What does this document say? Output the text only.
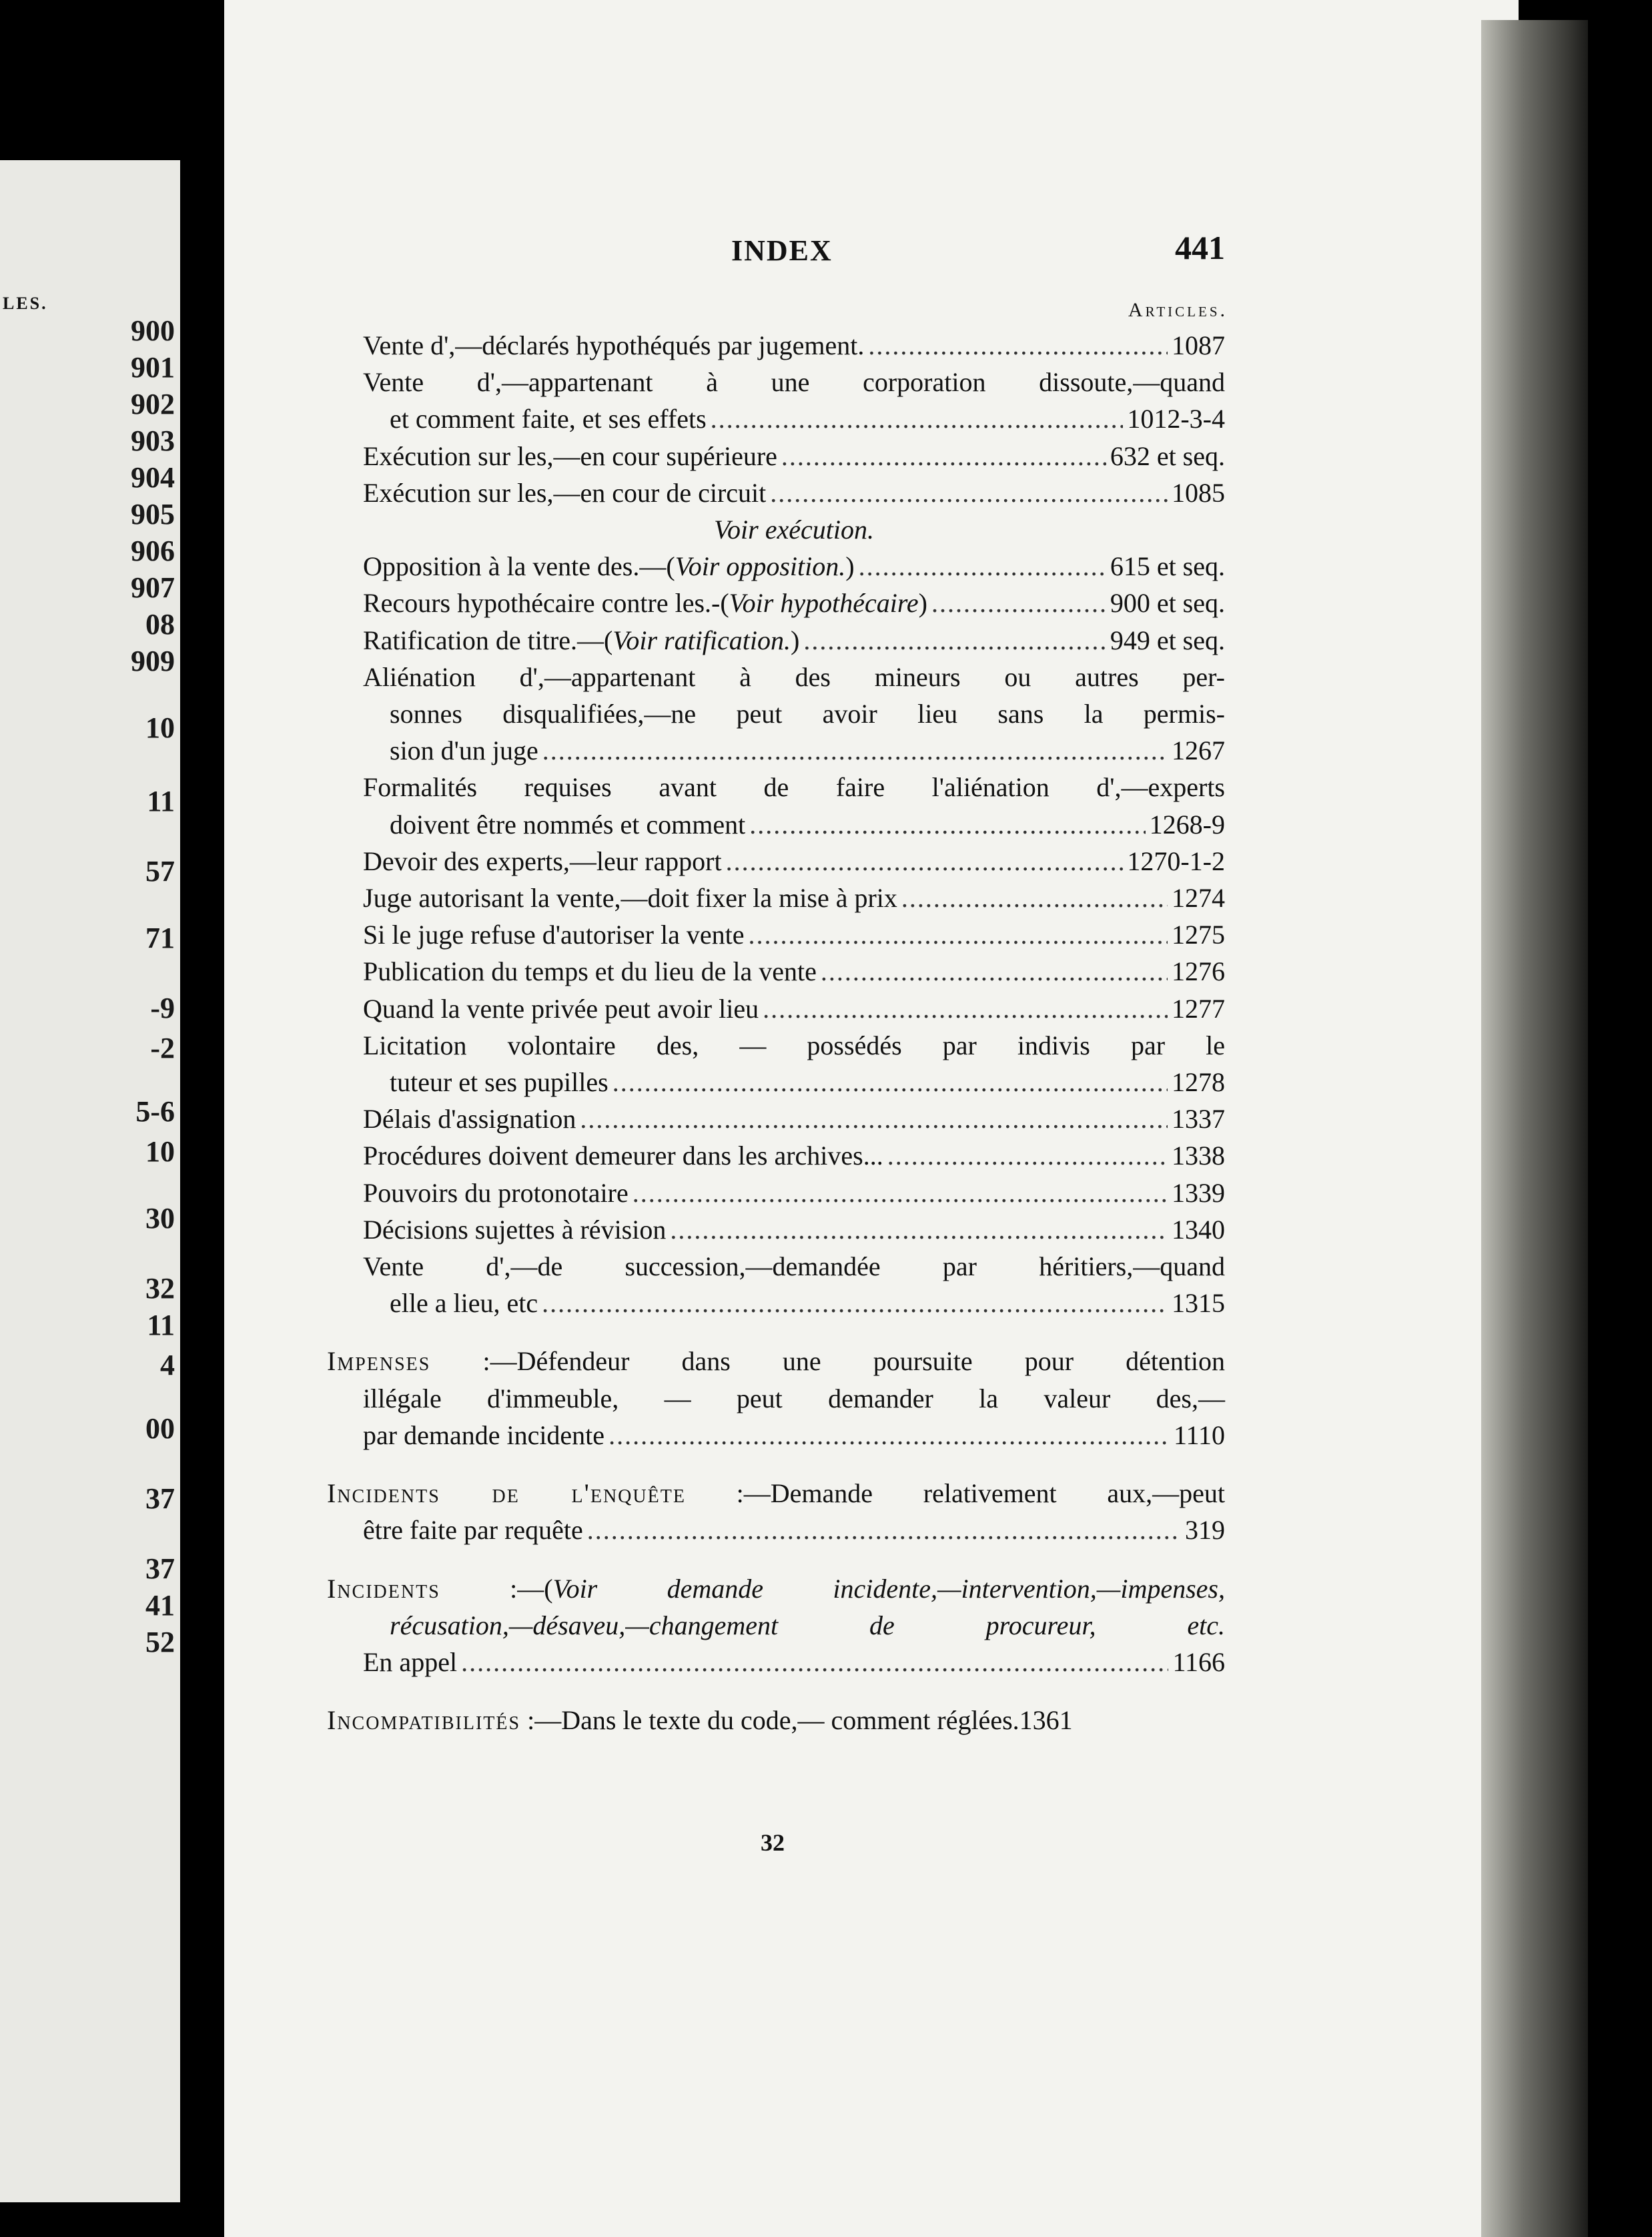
LES.
900
901
902
903
904
905
906
907
08
909
10
11
57
71
-9
-2
5-6
10
30
32
11
4
00
37
37
41
52
INDEX	441
Articles.
Vente d',—déclarés hypothéqués par jugement. .....	1087
Vente d',—appartenant à une corporation dissoute,—quand
et comment faite, et ses effets .....	1012-3-4
Exécution sur les,—en cour supérieure .....	632 et seq.
Exécution sur les,—en cour de circuit .....	1085
Voir exécution.
Opposition à la vente des.—(Voir opposition.) .....	615 et seq.
Recours hypothécaire contre les.-(Voir hypothécaire) .....	900 et seq.
Ratification de titre.—(Voir ratification.) .....	949 et seq.
Aliénation d',—appartenant à des mineurs ou autres per-
sonnes disqualifiées,—ne peut avoir lieu sans la permis-
sion d'un juge .....	1267
Formalités requises avant de faire l'aliénation d',—experts
doivent être nommés et comment .....	1268-9
Devoir des experts,—leur rapport .....	1270-1-2
Juge autorisant la vente,—doit fixer la mise à prix .....	1274
Si le juge refuse d'autoriser la vente .....	1275
Publication du temps et du lieu de la vente .....	1276
Quand la vente privée peut avoir lieu .....	1277
Licitation volontaire des, — possédés par indivis par le
tuteur et ses pupilles .....	1278
Délais d'assignation .....	1337
Procédures doivent demeurer dans les archives... .....	1338
Pouvoirs du protonotaire .....	1339
Décisions sujettes à révision .....	1340
Vente d',—de succession,—demandée par héritiers,—quand
elle a lieu, etc .....	1315
Impenses :—Défendeur dans une poursuite pour détention
illégale d'immeuble, — peut demander la valeur des,—
par demande incidente .....	1110
Incidents de l'enquête :—Demande relativement aux,—peut
être faite par requête .....	319
Incidents	:—(Voir demande incidente,—intervention,—impenses,
récusation,—désaveu,—changement de procureur, etc.
En appel .....	1166
Incompatibilités :—Dans le texte du code,— comment réglées. 1361
32
